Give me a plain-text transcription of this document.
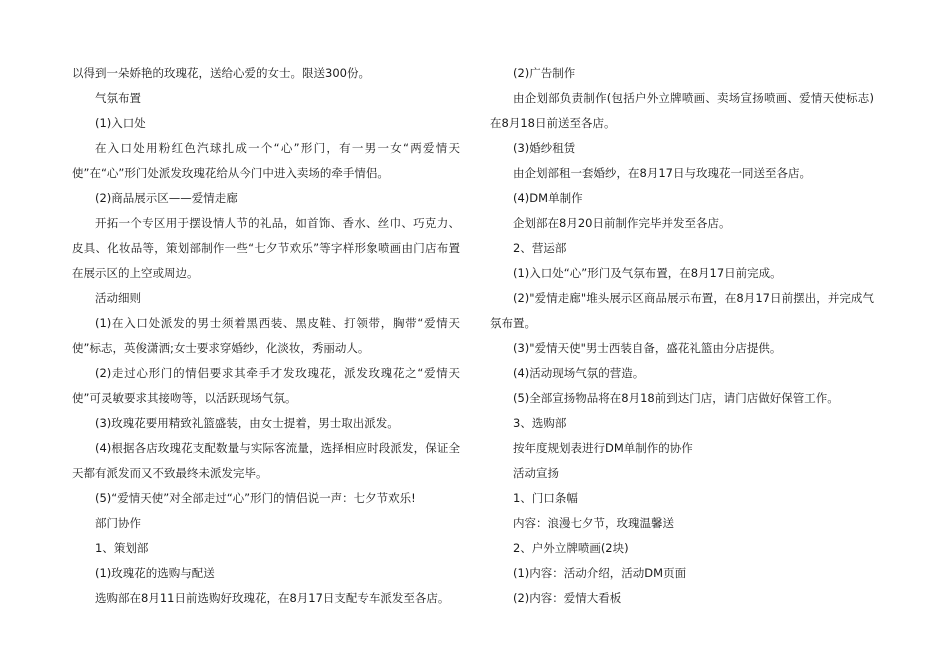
以得到一朵娇艳的玫瑰花，送给心爱的女士。限送300份。

气氛布置

(1)入口处

在入口处用粉红色汽球扎成一个“心”形门，有一男一女“两爱情天使”在“心”形门处派发玫瑰花给从今门中进入卖场的牵手情侣。

(2)商品展示区——爱情走廊

开拓一个专区用于摆设情人节的礼品，如首饰、香水、丝巾、巧克力、皮具、化妆品等，策划部制作一些“七夕节欢乐”等字样形象喷画由门店布置在展示区的上空或周边。

活动细则

(1)在入口处派发的男士须着黑西装、黑皮鞋、打领带，胸带“爱情天使”标志，英俊潇洒;女士要求穿婚纱，化淡妆，秀丽动人。

(2)走过心形门的情侣要求其牵手才发玫瑰花，派发玫瑰花之“爱情天使”可灵敏要求其接吻等，以活跃现场气氛。

(3)玫瑰花要用精致礼篮盛装，由女士提着，男士取出派发。

(4)根据各店玫瑰花支配数量与实际客流量，选择相应时段派发，保证全天都有派发而又不致最终未派发完毕。

(5)“爱情天使”对全部走过“心”形门的情侣说一声：七夕节欢乐!

部门协作

1、策划部

(1)玫瑰花的选购与配送

选购部在8月11日前选购好玫瑰花，在8月17日支配专车派发至各店。

(2)广告制作

由企划部负责制作(包括户外立牌喷画、卖场宣扬喷画、爱情天使标志)在8月18日前送至各店。

(3)婚纱租赁

由企划部租一套婚纱，在8月17日与玫瑰花一同送至各店。

(4)DM单制作

企划部在8月20日前制作完毕并发至各店。

2、营运部

(1)入口处“心”形门及气氛布置，在8月17日前完成。

(2)"爱情走廊"堆头展示区商品展示布置，在8月17日前摆出，并完成气氛布置。

(3)"爱情天使"男士西装自备，盛花礼篮由分店提供。

(4)活动现场气氛的营造。

(5)全部宣扬物品将在8月18前到达门店，请门店做好保管工作。

3、选购部

按年度规划表进行DM单制作的协作

活动宣扬

1、门口条幅

内容：浪漫七夕节，玫瑰温馨送

2、户外立牌喷画(2块)

(1)内容：活动介绍，活动DM页面

(2)内容：爱情大看板
